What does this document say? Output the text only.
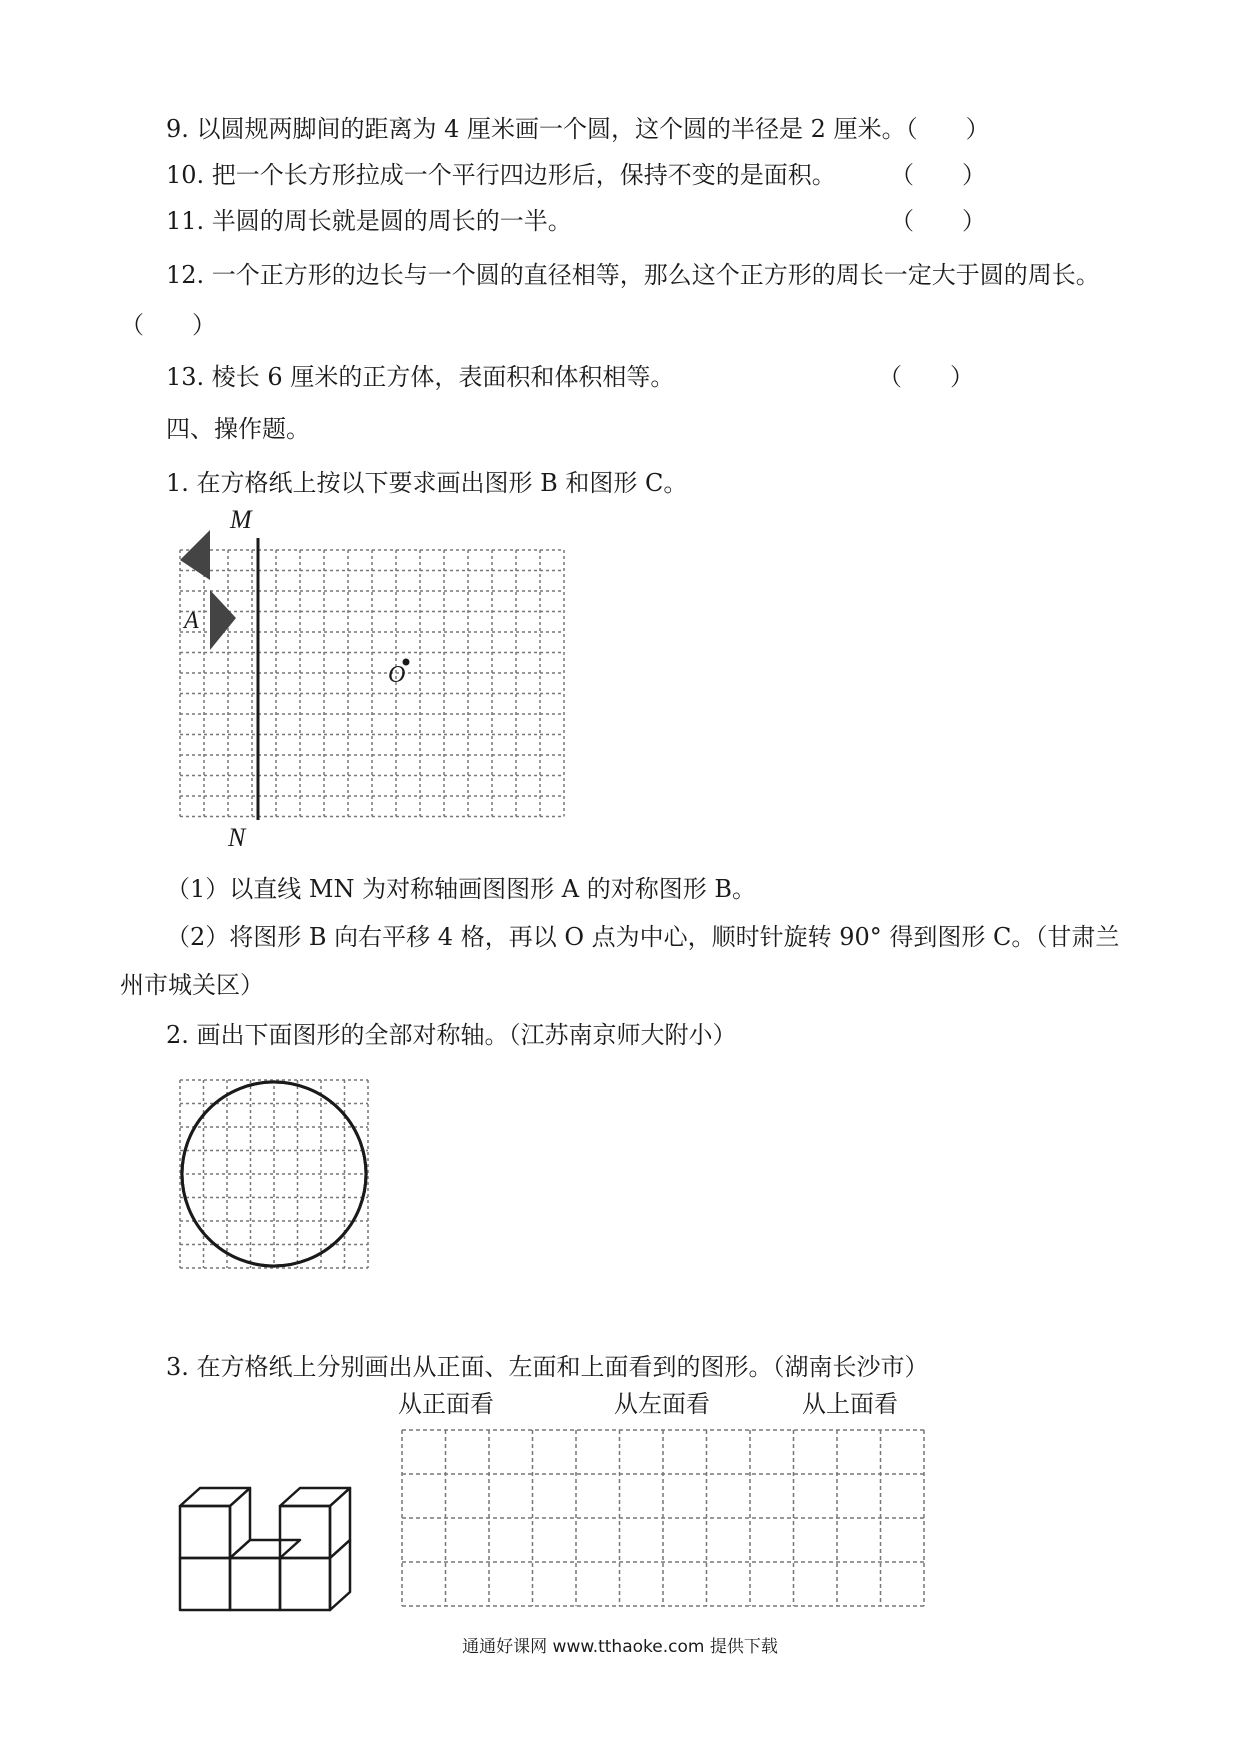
9. 以圆规两脚间的距离为 4 厘米画一个圆，这个圆的半径是 2 厘米。（　　）
10. 把一个长方形拉成一个平行四边形后，保持不变的是面积。 （　　）
11. 半圆的周长就是圆的周长的一半。	（　　）
12. 一个正方形的边长与一个圆的直径相等，那么这个正方形的周长一定大于圆的周长。
（　　）
13. 棱长 6 厘米的正方体，表面积和体积相等。	（　　）
四、操作题。
1. 在方格纸上按以下要求画出图形 B 和图形 C。
M
N
A
O
（1）以直线 MN 为对称轴画图图形 A 的对称图形 B。
（2）将图形 B 向右平移 4 格，再以 O 点为中心，顺时针旋转 90° 得到图形 C。（甘肃兰
州市城关区）
2. 画出下面图形的全部对称轴。（江苏南京师大附小）
3. 在方格纸上分别画出从正面、左面和上面看到的图形。（湖南长沙市）
从正面看	从左面看	从上面看
通通好课网 www.tthaoke.com 提供下载
